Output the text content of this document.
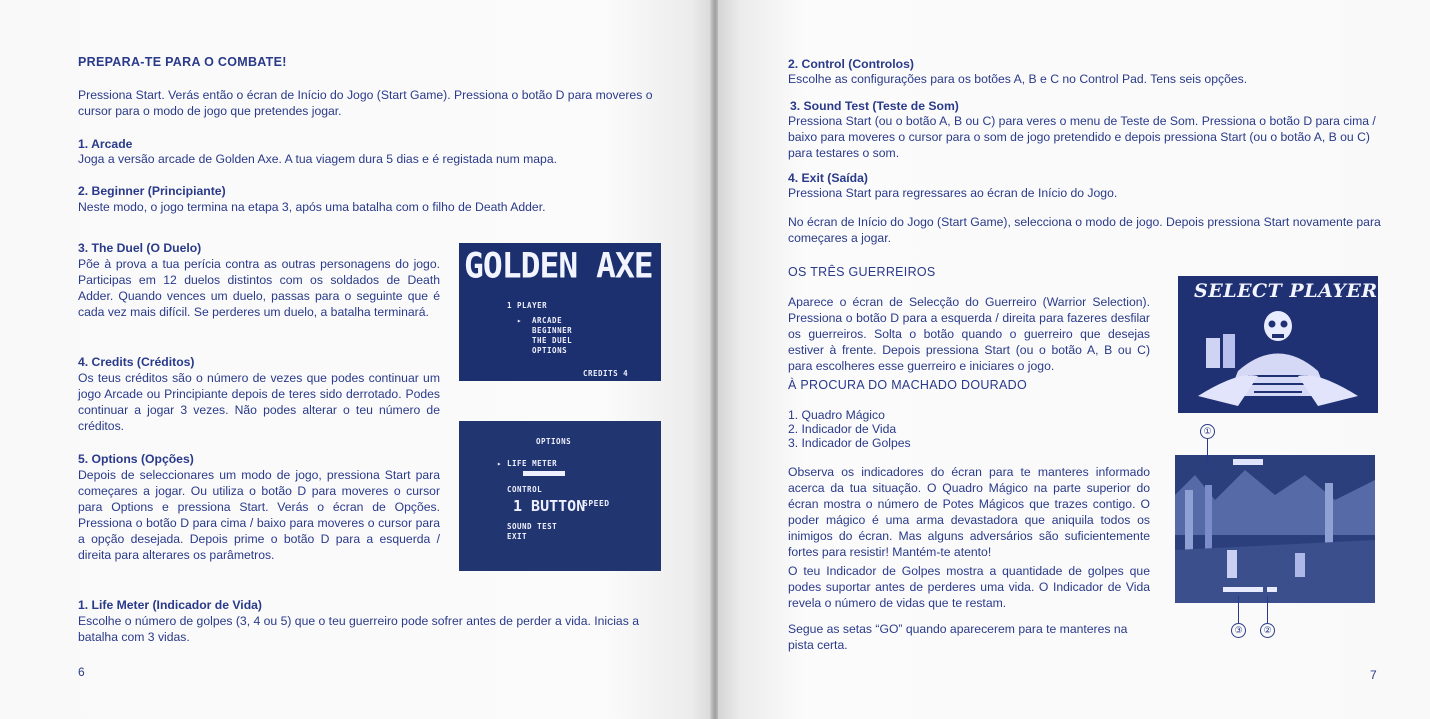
PREPARA-TE PARA O COMBATE!
Pressiona Start. Verás então o écran de Início do Jogo (Start Game). Pressiona o botão D para moveres o cursor para o modo de jogo que pretendes jogar.
1. Arcade
Joga a versão arcade de Golden Axe. A tua viagem dura 5 dias e é registada num mapa.
2. Beginner (Principiante)
Neste modo, o jogo termina na etapa 3, após uma batalha com o filho de Death Adder.
3. The Duel (O Duelo)
Põe à prova a tua perícia contra as outras personagens do jogo. Participas em 12 duelos distintos com os soldados de Death Adder. Quando vences um duelo, passas para o seguinte que é cada vez mais difícil. Se perderes um duelo, a batalha terminará.
4. Credits (Créditos)
Os teus créditos são o número de vezes que podes continuar um jogo Arcade ou Principiante depois de teres sido derrotado. Podes continuar a jogar 3 vezes. Não podes alterar o teu número de créditos.
5. Options (Opções)
Depois de seleccionares um modo de jogo, pressiona Start para começares a jogar. Ou utiliza o botão D para moveres o cursor para Options e pressiona Start. Verás o écran de Opções. Pressiona o botão D para cima / baixo para moveres o cursor para a opção desejada. Depois prime o botão D para a esquerda / direita para alterares os parâmetros.
1. Life Meter (Indicador de Vida)
Escolhe o número de golpes (3, 4 ou 5) que o teu guerreiro pode sofrer antes de perder a vida. Inicias a batalha com 3 vidas.
6
GOLDEN AXE
1 PLAYER
▸ ARCADE
BEGINNER
THE DUEL
OPTIONS
CREDITS 4
OPTIONS
▸ LIFE METER
CONTROL
1 BUTTON
SPEED
SOUND TEST
EXIT
2. Control (Controlos)
Escolhe as configurações para os botões A, B e C no Control Pad. Tens seis opções.
3. Sound Test (Teste de Som)
Pressiona Start (ou o botão A, B ou C) para veres o menu de Teste de Som. Pressiona o botão D para cima / baixo para moveres o cursor para o som de jogo pretendido e depois pressiona Start (ou o botão A, B ou C) para testares o som.
4. Exit (Saída)
Pressiona Start para regressares ao écran de Início do Jogo.
No écran de Início do Jogo (Start Game), selecciona o modo de jogo. Depois pressiona Start novamente para começares a jogar.
OS TRÊS GUERREIROS
Aparece o écran de Selecção do Guerreiro (Warrior Selection). Pressiona o botão D para a esquerda / direita para fazeres desfilar os guerreiros. Solta o botão quando o guerreiro que desejas estiver à frente. Depois pressiona Start (ou o botão A, B ou C) para escolheres esse guerreiro e iniciares o jogo.
À PROCURA DO MACHADO DOURADO
1. Quadro Mágico
2. Indicador de Vida
3. Indicador de Golpes
Observa os indicadores do écran para te manteres informado acerca da tua situação. O Quadro Mágico na parte superior do écran mostra o número de Potes Mágicos que trazes contigo. O poder mágico é uma arma devastadora que aniquila todos os inimigos do écran. Mas alguns adversários são suficientemente fortes para resistir! Mantém-te atento!
O teu Indicador de Golpes mostra a quantidade de golpes que podes suportar antes de perderes uma vida. O Indicador de Vida revela o número de vidas que te restam.
Segue as setas “GO” quando aparecerem para te manteres na pista certa.
7
SELECT PLAYER
①
③	②
